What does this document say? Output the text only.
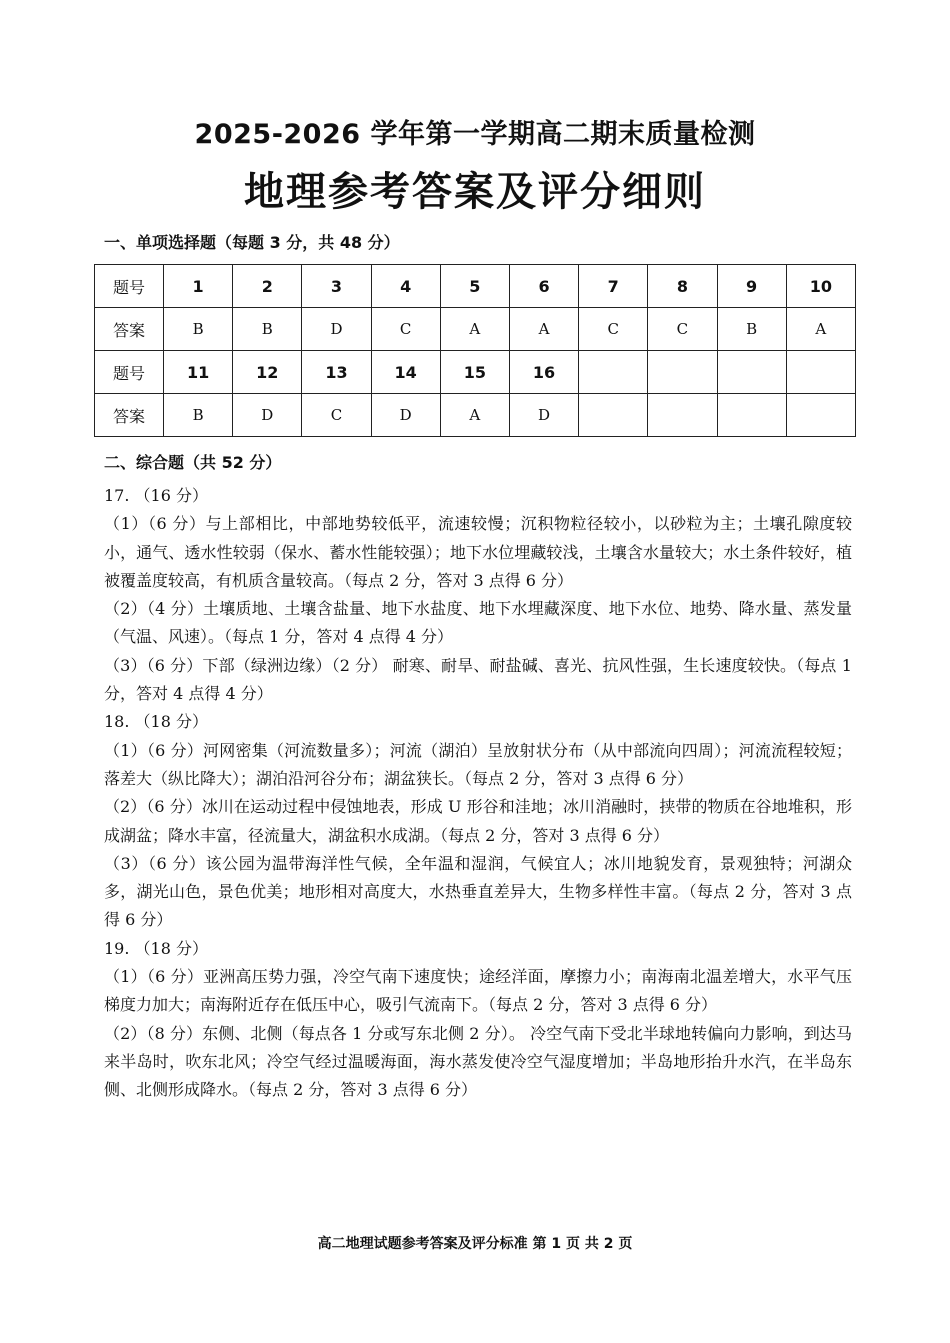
2025-2026 学年第一学期高二期末质量检测
地理参考答案及评分细则
一、单项选择题（每题 3 分，共 48 分）
题号	1	2	3	4	5	6	7	8	9	10
答案	B	B	D	C	A	A	C	C	B	A
题号	11	12	13	14	15	16				
答案	B	D	C	D	A	D				
二、综合题（共 52 分）

17. （16 分）

（1）（6 分）与上部相比，中部地势较低平，流速较慢；沉积物粒径较小，以砂粒为主；土壤孔隙度较小，通气、透水性较弱（保水、蓄水性能较强）；地下水位埋藏较浅，土壤含水量较大；水土条件较好，植被覆盖度较高，有机质含量较高。（每点 2 分，答对 3 点得 6 分）

（2）（4 分）土壤质地、土壤含盐量、地下水盐度、地下水埋藏深度、地下水位、地势、降水量、蒸发量（气温、风速）。（每点 1 分，答对 4 点得 4 分）

（3）（6 分）下部（绿洲边缘）（2 分） 耐寒、耐旱、耐盐碱、喜光、抗风性强，生长速度较快。（每点 1 分，答对 4 点得 4 分）

18. （18 分）

（1）（6 分）河网密集（河流数量多）；河流（湖泊）呈放射状分布（从中部流向四周）；河流流程较短；落差大（纵比降大）；湖泊沿河谷分布；湖盆狭长。（每点 2 分，答对 3 点得 6 分）

（2）（6 分）冰川在运动过程中侵蚀地表，形成 U 形谷和洼地；冰川消融时，挟带的物质在谷地堆积，形成湖盆；降水丰富，径流量大，湖盆积水成湖。（每点 2 分，答对 3 点得 6 分）

（3）（6 分）该公园为温带海洋性气候，全年温和湿润，气候宜人；冰川地貌发育，景观独特；河湖众多，湖光山色，景色优美；地形相对高度大，水热垂直差异大，生物多样性丰富。（每点 2 分，答对 3 点得 6 分）

19. （18 分）

（1）（6 分）亚洲高压势力强，冷空气南下速度快；途经洋面，摩擦力小；南海南北温差增大，水平气压梯度力加大；南海附近存在低压中心，吸引气流南下。（每点 2 分，答对 3 点得 6 分）

（2）（8 分）东侧、北侧（每点各 1 分或写东北侧 2 分）。 冷空气南下受北半球地转偏向力影响，到达马来半岛时，吹东北风；冷空气经过温暖海面，海水蒸发使冷空气湿度增加；半岛地形抬升水汽，在半岛东侧、北侧形成降水。（每点 2 分，答对 3 点得 6 分）

高二地理试题参考答案及评分标准 第 1 页 共 2 页
